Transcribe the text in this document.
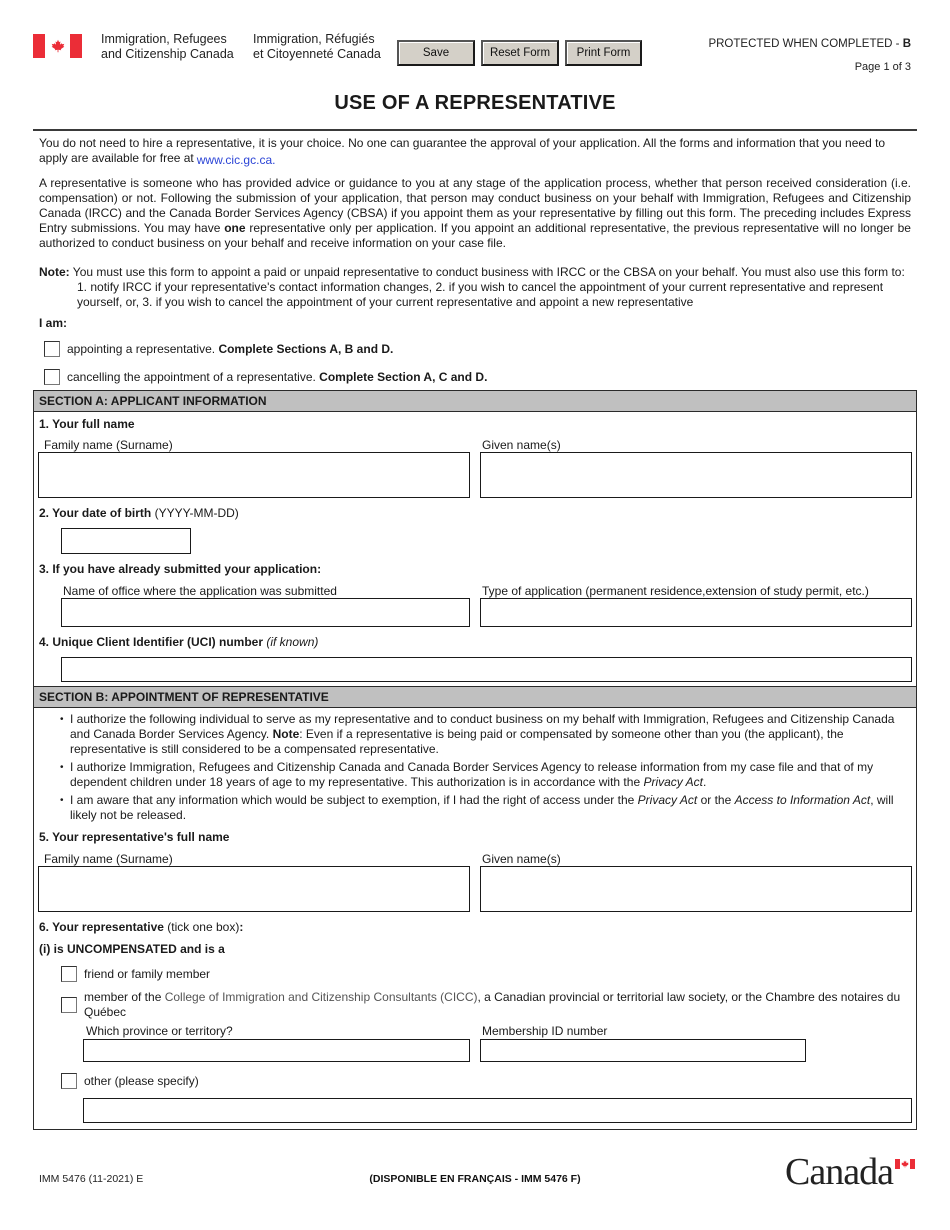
Immigration, Refugees
and Citizenship Canada
Immigration, Réfugiés
et Citoyenneté Canada	Save	Reset Form	Print Form
PROTECTED WHEN COMPLETED - B
Page 1 of 3
USE OF A REPRESENTATIVE
You do not need to hire a representative, it is your choice. No one can guarantee the approval of your application. All the forms and information that you need to apply are available for free at www.cic.gc.ca.
A representative is someone who has provided advice or guidance to you at any stage of the application process, whether that person received consideration (i.e. compensation) or not. Following the submission of your application, that person may conduct business on your behalf with Immigration, Refugees and Citizenship Canada (IRCC) and the Canada Border Services Agency (CBSA) if you appoint them as your representative by filling out this form. The preceding includes Express Entry submissions. You may have one representative only per application. If you appoint an additional representative, the previous representative will no longer be authorized to conduct business on your behalf and receive information on your case file.
Note: You must use this form to appoint a paid or unpaid representative to conduct business with IRCC or the CBSA on your behalf. You must also use this form to: 1. notify IRCC if your representative's contact information changes, 2. if you wish to cancel the appointment of your current representative and represent yourself, or, 3. if you wish to cancel the appointment of your current representative and appoint a new representative
I am:
appointing a representative. Complete Sections A, B and D.
cancelling the appointment of a representative. Complete Section A, C and D.
SECTION A: APPLICANT INFORMATION
1. Your full name
Family name (Surname)	Given name(s)
2. Your date of birth (YYYY-MM-DD)
3. If you have already submitted your application:
Name of office where the application was submitted	Type of application (permanent residence,extension of study permit, etc.)
4. Unique Client Identifier (UCI) number (if known)
SECTION B: APPOINTMENT OF REPRESENTATIVE
• I authorize the following individual to serve as my representative and to conduct business on my behalf with Immigration, Refugees and Citizenship Canada and Canada Border Services Agency. Note: Even if a representative is being paid or compensated by someone other than you (the applicant), the representative is still considered to be a compensated representative.
• I authorize Immigration, Refugees and Citizenship Canada and Canada Border Services Agency to release information from my case file and that of my dependent children under 18 years of age to my representative. This authorization is in accordance with the Privacy Act.
• I am aware that any information which would be subject to exemption, if I had the right of access under the Privacy Act or the Access to Information Act, will likely not be released.
5. Your representative's full name
Family name (Surname)	Given name(s)
6. Your representative (tick one box):
(i) is UNCOMPENSATED and is a
friend or family member
member of the College of Immigration and Citizenship Consultants (CICC), a Canadian provincial or territorial law society, or the Chambre des notaires du Québec
Which province or territory?	Membership ID number
other (please specify)
IMM 5476 (11-2021) E	(DISPONIBLE EN FRANÇAIS - IMM 5476 F)	Canada
